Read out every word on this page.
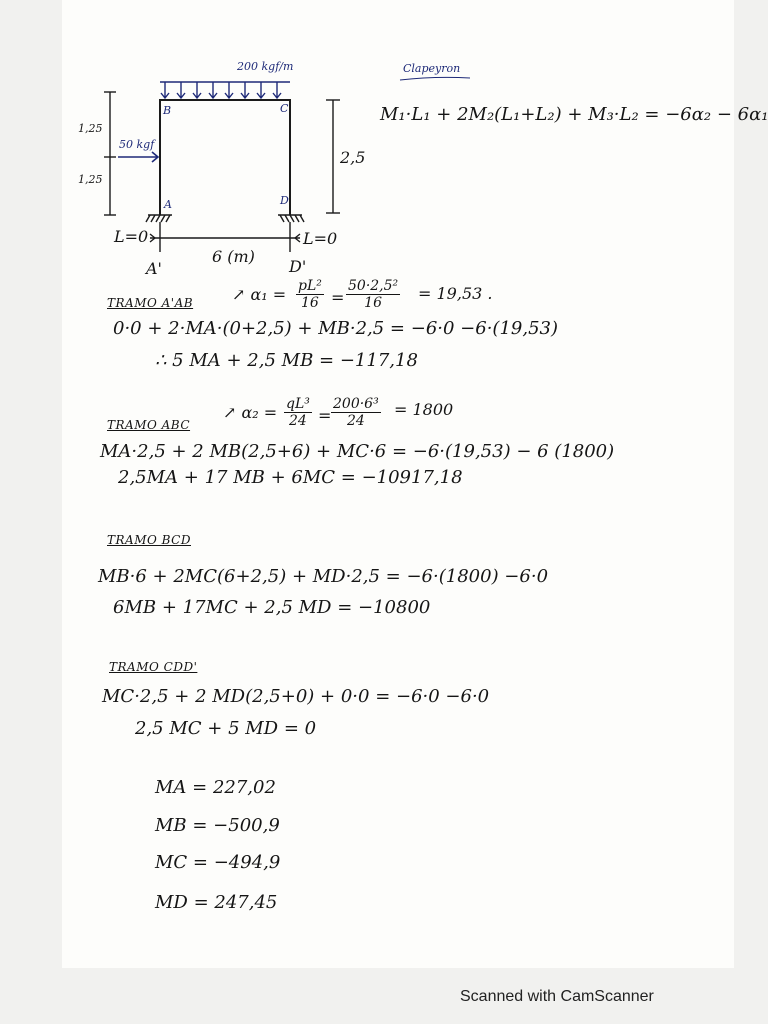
200 kgf/m
50 kgf
B	C
A	D
1,25
1,25
2,5
L=0	L=0
6 (m)
A'	D'
Clapeyron
M₁·L₁ + 2M₂(L₁+L₂) + M₃·L₂ = −6α₂ − 6α₁
TRAMO A'AB ↗ $\alpha_1 = \frac{\text{pL²}}{16} = \frac{\text{50·2,5²}}{16} = 19,53$ .
0·0 + 2·MA·(0+2,5) + MB·2,5 = −6·0 −6·(19,53)
∴ 5 MA + 2,5 MB = −117,18
TRAMO ABC
↗ $\alpha_2 = \frac{\text{qL³}}{24} = \frac{\text{200·6³}}{24} = 1800$
MA·2,5 + 2 MB(2,5+6) + MC·6 = −6·(19,53) − 6 (1800)
2,5MA + 17 MB + 6MC = −10917,18
TRAMO BCD
MB·6 + 2MC(6+2,5) + MD·2,5 = −6·(1800) −6·0
6MB + 17MC + 2,5 MD = −10800
TRAMO CDD'
MC·2,5 + 2 MD(2,5+0) + 0·0 = −6·0 −6·0
2,5 MC + 5 MD = 0
MA = 227,02
MB = −500,9
MC = −494,9
MD = 247,45
Scanned with CamScanner
